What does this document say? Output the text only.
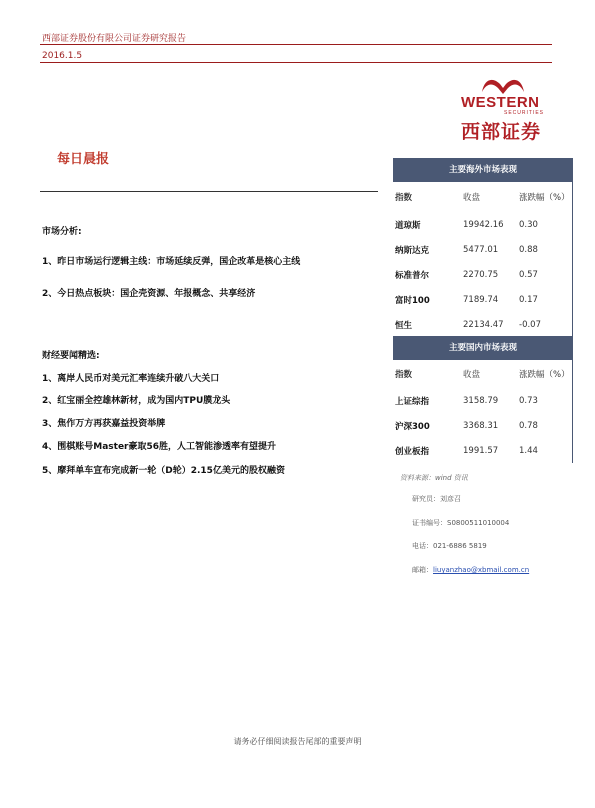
西部证券股份有限公司证券研究报告
2016.1.5
WESTERN
SECURITIES
西部证券
每日晨报
市场分析:
1、昨日市场运行逻辑主线：市场延续反弹，国企改革是核心主线
2、今日热点板块：国企壳资源、年报概念、共享经济
财经要闻精选:
1、离岸人民币对美元汇率连续升破八大关口
2、红宝丽全控雄林新材，成为国内TPU膜龙头
3、焦作万方再获嘉益投资举牌
4、围棋账号Master豪取56胜，人工智能渗透率有望提升
5、摩拜单车宣布完成新一轮（D轮）2.15亿美元的股权融资
主要海外市场表现
指数	收盘	涨跌幅（%）
道琼斯	19942.16	0.30
纳斯达克	5477.01	0.88
标准普尔	2270.75	0.57
富时100	7189.74	0.17
恒生	22134.47	-0.07
主要国内市场表现
指数	收盘	涨跌幅（%）
上证综指	3158.79	0.73
沪深300	3368.31	0.78
创业板指	1991.57	1.44
资料来源：wind 资讯
研究员：刘彦召
证书编号：S0800511010004
电话：021-6886 5819
邮箱：liuyanzhao@xbmail.com.cn
请务必仔细阅读报告尾部的重要声明
